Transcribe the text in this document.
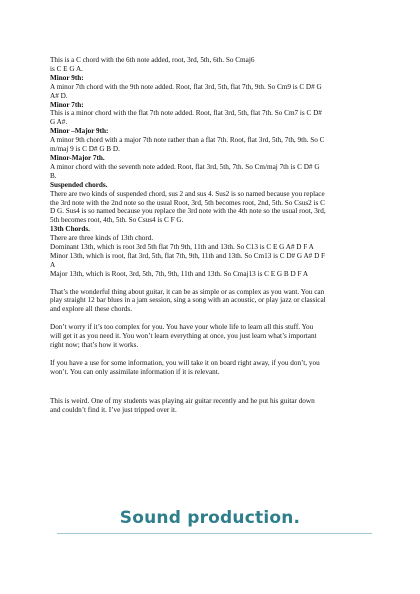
This is a C chord with the 6th note added, root, 3rd, 5th, 6th. So Cmaj6

is C E G A.

Minor 9th:

A minor 7th chord with the 9th note added. Root, flat 3rd, 5th, flat 7th, 9th. So Cm9 is C D# G

A# D.

Minor 7th:

This is a minor chord with the flat 7th note added. Root, flat 3rd, 5th, flat 7th. So Cm7 is C D#

G A#.

Minor –Major 9th:

A minor 9th chord with a major 7th note rather than a flat 7th. Root, flat 3rd, 5th, 7th, 9th. So C

m/maj 9 is C D# G B D.

Minor-Major 7th.

A minor chord with the seventh note added. Root, flat 3rd, 5th, 7th. So Cm/maj 7th is C D# G

B.

Suspended chords.

There are two kinds of suspended chord, sus 2 and sus 4. Sus2 is so named because you replace

the 3rd note with the 2nd note so the usual Root, 3rd, 5th becomes root, 2nd, 5th. So Csus2 is C

D G. Sus4 is so named because you replace the 3rd note with the 4th note so the usual root, 3rd,

5th becomes root, 4th, 5th. So Csus4 is C F G.

13th Chords.

There are three kinds of 13th chord.

Dominant 13th, which is root 3rd 5th flat 7th 9th, 11th and 13th. So C13 is C E G A# D F A

Minor 13th, which is root, flat 3rd, 5th, flat 7th, 9th, 11th and 13th. So Cm13 is C D# G A# D F

A

Major 13th, which is Root, 3rd, 5th, 7th, 9th, 11th and 13th. So Cmaj13 is C E G B D F A

That’s the wonderful thing about guitar, it can be as simple or as complex as you want. You can

play straight 12 bar blues in a jam session, sing a song with an acoustic, or play jazz or classical

and explore all these chords.

Don’t worry if it’s too complex for you. You have your whole life to learn all this stuff. You

will get it as you need it. You won’t learn everything at once, you just learn what’s important

right now; that’s how it works.

If you have a use for some information, you will take it on board right away, if you don’t, you

won’t. You can only assimilate information if it is relevant.

This is weird. One of my students was playing air guitar recently and he put his guitar down

and couldn’t find it. I’ve just tripped over it.

Sound production.
